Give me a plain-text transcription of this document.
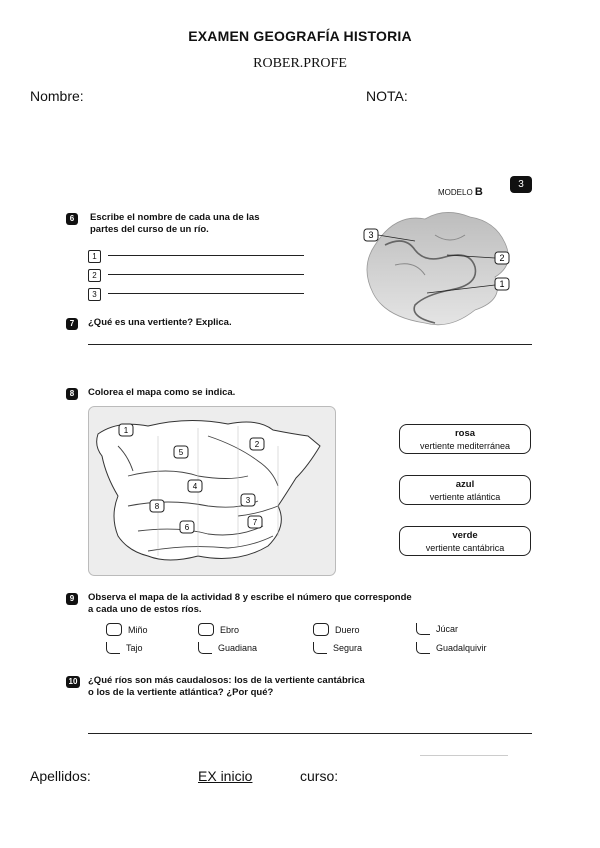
EXAMEN GEOGRAFÍA HISTORIA
ROBER.PROFE
Nombre:	NOTA:
MODELO B
3
6	Escribe el nombre de cada una de las
partes del curso de un río.
1
2
3
3
2
1
7	¿Qué es una vertiente? Explica.
8	Colorea el mapa como se indica.
1
2
5
4
3
8
6
7
rosa
vertiente mediterránea
azul
vertiente atlántica
verde
vertiente cantábrica
9	Observa el mapa de la actividad 8 y escribe el número que corresponde
a cada uno de estos ríos.
Miño	Ebro	Duero	Júcar
Tajo	Guadiana	Segura	Guadalquivir
10 ¿Qué ríos son más caudalosos: los de la vertiente cantábrica
o los de la vertiente atlántica? ¿Por qué?
Apellidos:	EX inicio	curso:
